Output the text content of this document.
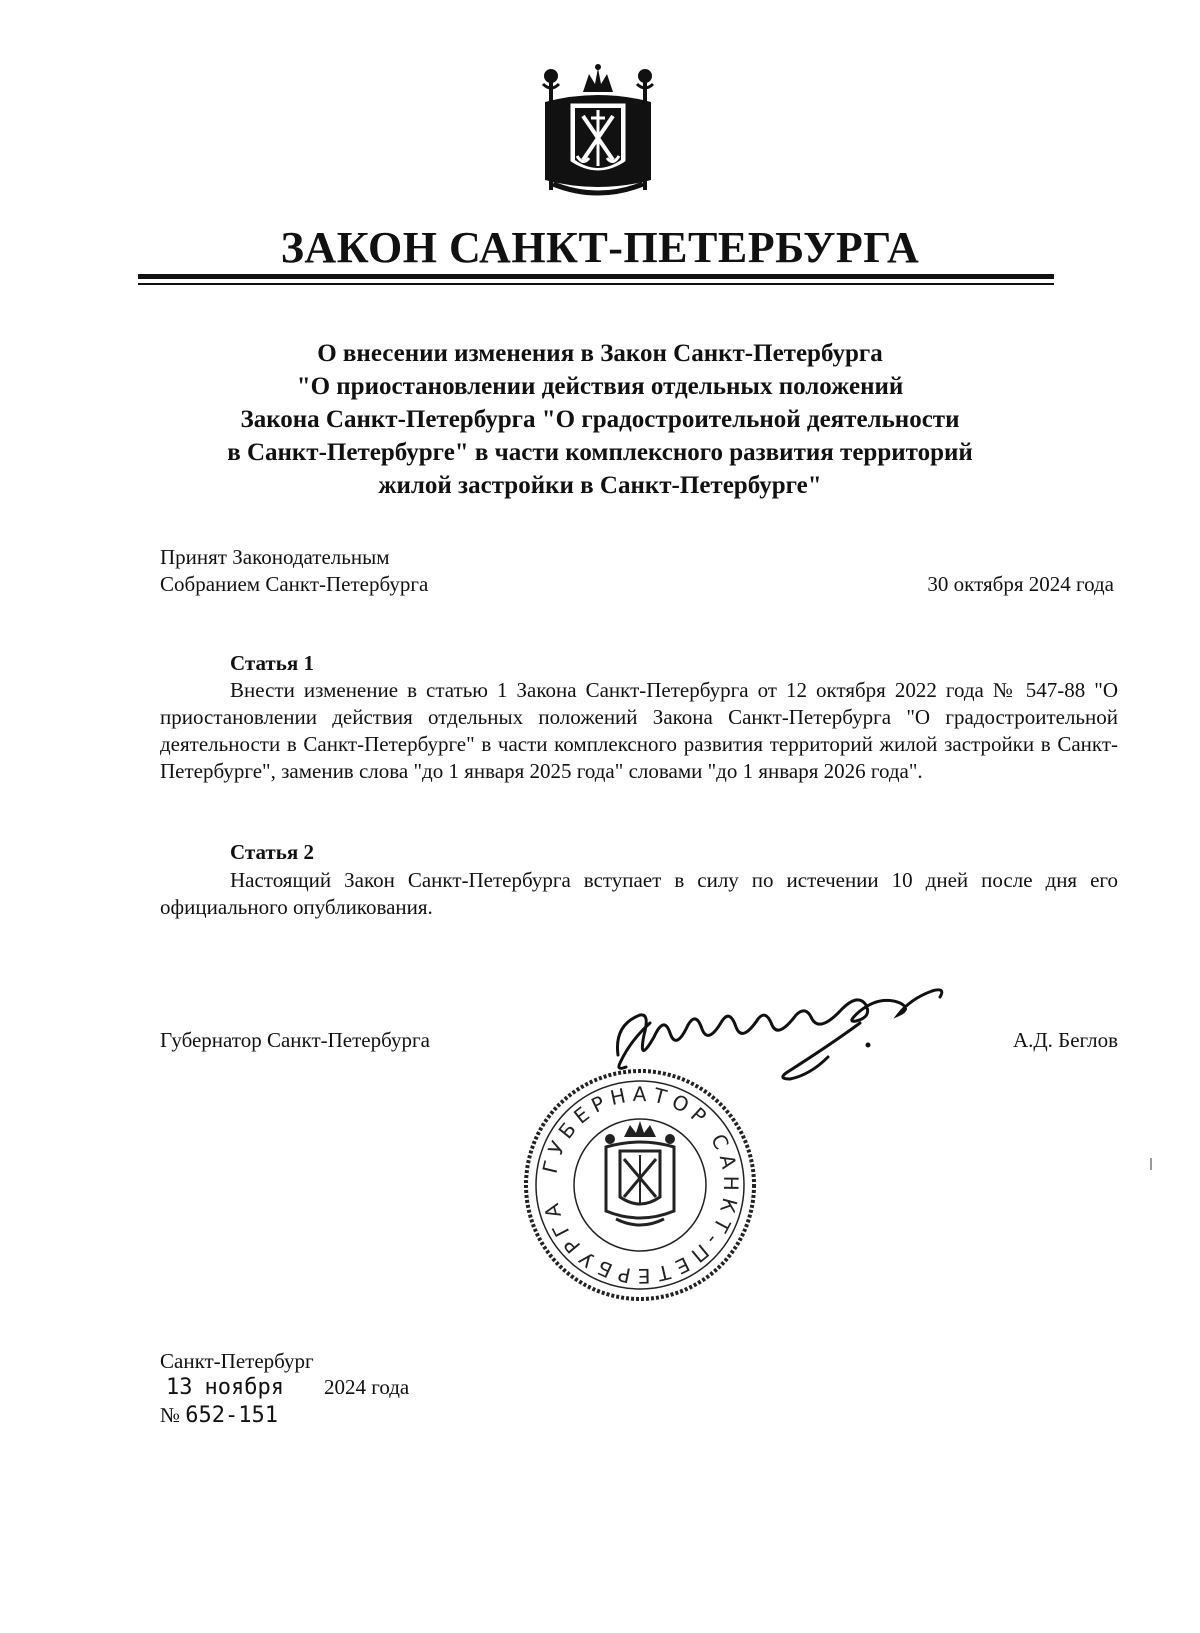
ЗАКОН САНКТ-ПЕТЕРБУРГА
О внесении изменения в Закон Санкт-Петербурга
"О приостановлении действия отдельных положений
Закона Санкт-Петербурга "О градостроительной деятельности
в Санкт-Петербурге" в части комплексного развития территорий
жилой застройки в Санкт-Петербурге"
Принят Законодательным
Собранием Санкт-Петербурга	30 октября 2024 года
Статья 1
Внести изменение в статью 1 Закона Санкт-Петербурга от 12 октября 2022 года № 547-88 "О приостановлении действия отдельных положений Закона Санкт-Петербурга "О градостроительной деятельности в Санкт-Петербурге" в части комплексного развития территорий жилой застройки в Санкт-Петербурге", заменив слова "до 1 января 2025 года" словами "до 1 января 2026 года".
Статья 2
Настоящий Закон Санкт-Петербурга вступает в силу по истечении 10 дней после дня его официального опубликования.
Губернатор Санкт-Петербурга	А.Д. Беглов
ГУБЕРНАТОР САНКТ-ПЕТЕРБУРГА
Санкт-Петербург
13 ноября 2024 года
№ 652-151
